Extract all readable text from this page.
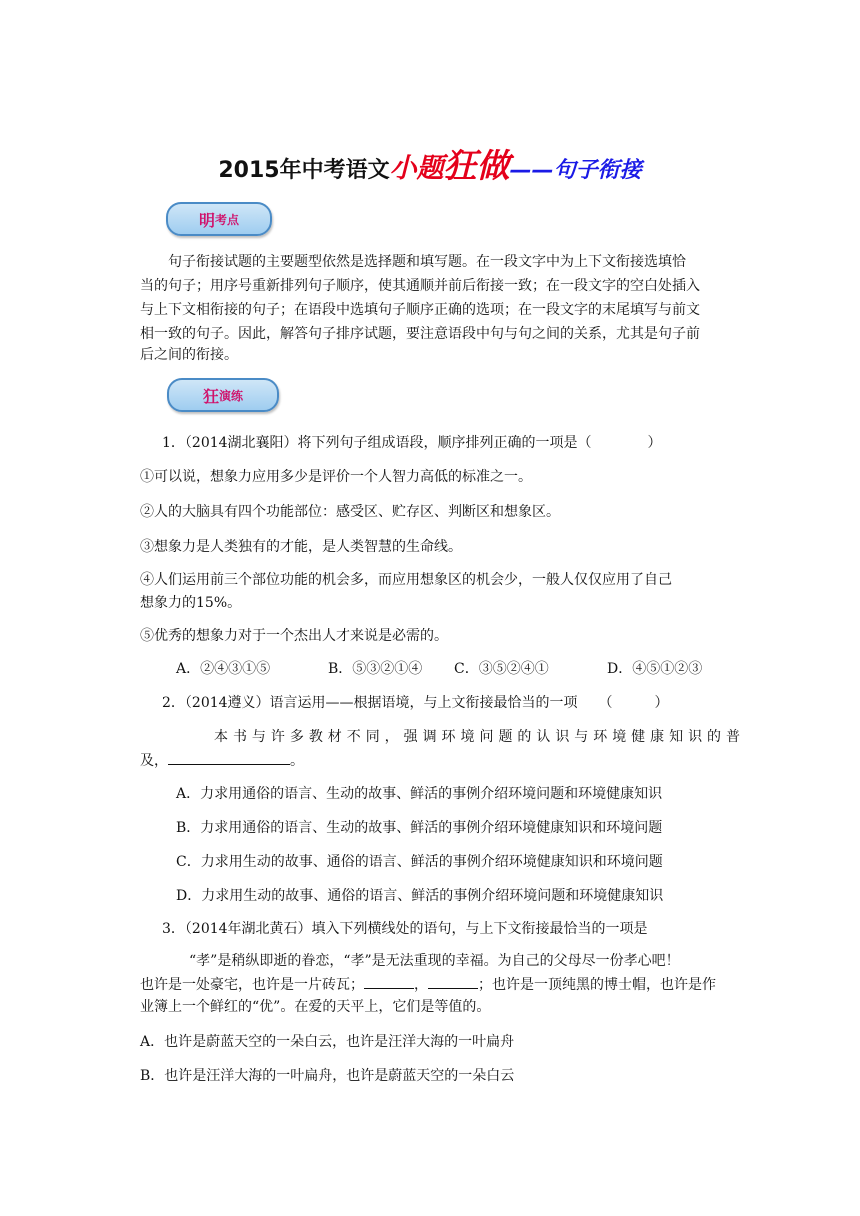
2015年中考语文小题狂做——句子衔接
明 考点
句子衔接试题的主要题型依然是选择题和填写题。在一段文字中为上下文衔接选填恰
当的句子；用序号重新排列句子顺序，使其通顺并前后衔接一致；在一段文字的空白处插入
与上下文相衔接的句子；在语段中选填句子顺序正确的选项；在一段文字的末尾填写与前文
相一致的句子。因此，解答句子排序试题，要注意语段中句与句之间的关系，尤其是句子前
后之间的衔接。
狂 演练
1．（2014湖北襄阳）将下列句子组成语段，顺序排列正确的一项是（　　　　）
①可以说，想象力应用多少是评价一个人智力高低的标准之一。
②人的大脑具有四个功能部位：感受区、贮存区、判断区和想象区。
③想象力是人类独有的才能，是人类智慧的生命线。
④人们运用前三个部位功能的机会多，而应用想象区的机会少，一般人仅仅应用了自己
想象力的15%。
⑤优秀的想象力对于一个杰出人才来说是必需的。
A．②④③①⑤	B．⑤③②①④ C．③⑤②④①	D．④⑤①②③
2．（2014遵义）语言运用——根据语境，与上文衔接最恰当的一项　　（　　　）
本书与许多教材不同，强调环境问题的认识与环境健康知识的普
及，	。
A．力求用通俗的语言、生动的故事、鲜活的事例介绍环境问题和环境健康知识
B．力求用通俗的语言、生动的故事、鲜活的事例介绍环境健康知识和环境问题
C．力求用生动的故事、通俗的语言、鲜活的事例介绍环境健康知识和环境问题
D．力求用生动的故事、通俗的语言、鲜活的事例介绍环境问题和环境健康知识
3．（2014年湖北黄石）填入下列横线处的语句，与上下文衔接最恰当的一项是
“孝”是稍纵即逝的眷恋，“孝”是无法重现的幸福。为自己的父母尽一份孝心吧！
也许是一处豪宅，也许是一片砖瓦；	，	；也许是一顶纯黑的博士帽，也许是作
业簿上一个鲜红的“优”。在爱的天平上，它们是等值的。
A．也许是蔚蓝天空的一朵白云，也许是汪洋大海的一叶扁舟
B．也许是汪洋大海的一叶扁舟，也许是蔚蓝天空的一朵白云
